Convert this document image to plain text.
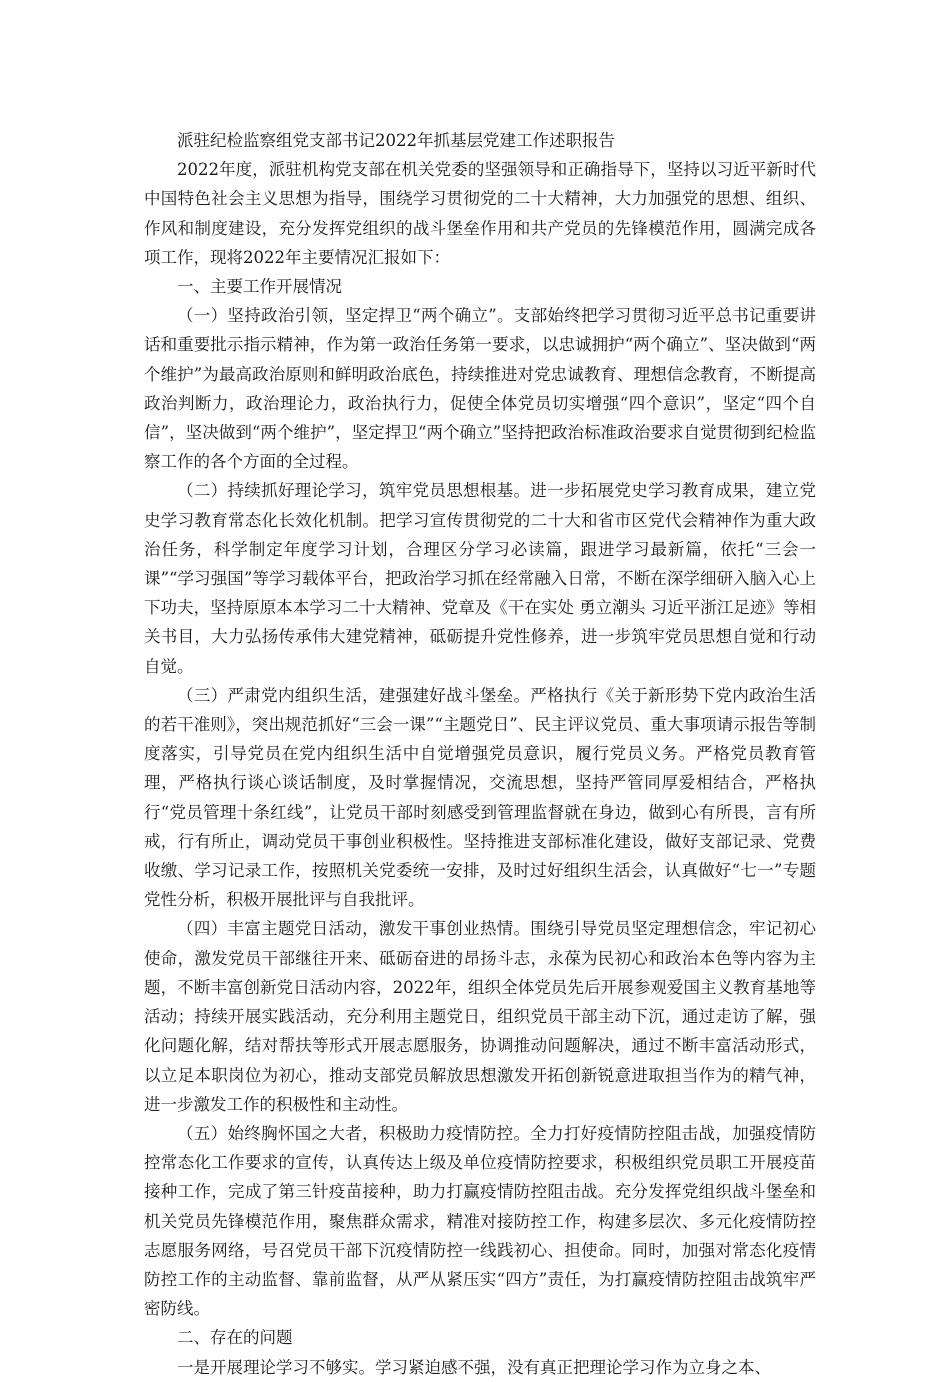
派驻纪检监察组党支部书记2022年抓基层党建工作述职报告

2022年度，派驻机构党支部在机关党委的坚强领导和正确指导下，坚持以习近平新时代中国特色社会主义思想为指导，围绕学习贯彻党的二十大精神，大力加强党的思想、组织、作风和制度建设，充分发挥党组织的战斗堡垒作用和共产党员的先锋模范作用，圆满完成各项工作，现将2022年主要情况汇报如下：

一、主要工作开展情况

（一）坚持政治引领，坚定捍卫“两个确立”。支部始终把学习贯彻习近平总书记重要讲话和重要批示指示精神，作为第一政治任务第一要求，以忠诚拥护“两个确立”、坚决做到“两个维护”为最高政治原则和鲜明政治底色，持续推进对党忠诚教育、理想信念教育，不断提高政治判断力，政治理论力，政治执行力，促使全体党员切实增强“四个意识”，坚定“四个自信”，坚决做到“两个维护”，坚定捍卫“两个确立”坚持把政治标准政治要求自觉贯彻到纪检监察工作的各个方面的全过程。

（二）持续抓好理论学习，筑牢党员思想根基。进一步拓展党史学习教育成果，建立党史学习教育常态化长效化机制。把学习宣传贯彻党的二十大和省市区党代会精神作为重大政治任务，科学制定年度学习计划，合理区分学习必读篇，跟进学习最新篇，依托“三会一课”“学习强国”等学习载体平台，把政治学习抓在经常融入日常，不断在深学细研入脑入心上下功夫，坚持原原本本学习二十大精神、党章及《干在实处 勇立潮头 习近平浙江足迹》等相关书目，大力弘扬传承伟大建党精神，砥砺提升党性修养，进一步筑牢党员思想自觉和行动自觉。

（三）严肃党内组织生活，建强建好战斗堡垒。严格执行《关于新形势下党内政治生活的若干准则》，突出规范抓好“三会一课”“主题党日”、民主评议党员、重大事项请示报告等制度落实，引导党员在党内组织生活中自觉增强党员意识，履行党员义务。严格党员教育管理，严格执行谈心谈话制度，及时掌握情况，交流思想，坚持严管同厚爱相结合，严格执行“党员管理十条红线”，让党员干部时刻感受到管理监督就在身边，做到心有所畏，言有所戒，行有所止，调动党员干事创业积极性。坚持推进支部标准化建设，做好支部记录、党费收缴、学习记录工作，按照机关党委统一安排，及时过好组织生活会，认真做好“七一”专题党性分析，积极开展批评与自我批评。

（四）丰富主题党日活动，激发干事创业热情。围绕引导党员坚定理想信念，牢记初心使命，激发党员干部继往开来、砥砺奋进的昂扬斗志，永葆为民初心和政治本色等内容为主题，不断丰富创新党日活动内容，2022年，组织全体党员先后开展参观爱国主义教育基地等活动；持续开展实践活动，充分利用主题党日，组织党员干部主动下沉，通过走访了解，强化问题化解，结对帮扶等形式开展志愿服务，协调推动问题解决，通过不断丰富活动形式，以立足本职岗位为初心，推动支部党员解放思想激发开拓创新锐意进取担当作为的精气神，进一步激发工作的积极性和主动性。

（五）始终胸怀国之大者，积极助力疫情防控。全力打好疫情防控阻击战，加强疫情防控常态化工作要求的宣传，认真传达上级及单位疫情防控要求，积极组织党员职工开展疫苗接种工作，完成了第三针疫苗接种，助力打赢疫情防控阻击战。充分发挥党组织战斗堡垒和机关党员先锋模范作用，聚焦群众需求，精准对接防控工作，构建多层次、多元化疫情防控志愿服务网络，号召党员干部下沉疫情防控一线践初心、担使命。同时，加强对常态化疫情防控工作的主动监督、靠前监督，从严从紧压实“四方”责任，为打赢疫情防控阻击战筑牢严密防线。

二、存在的问题

一是开展理论学习不够实。学习紧迫感不强，没有真正把理论学习作为立身之本、
